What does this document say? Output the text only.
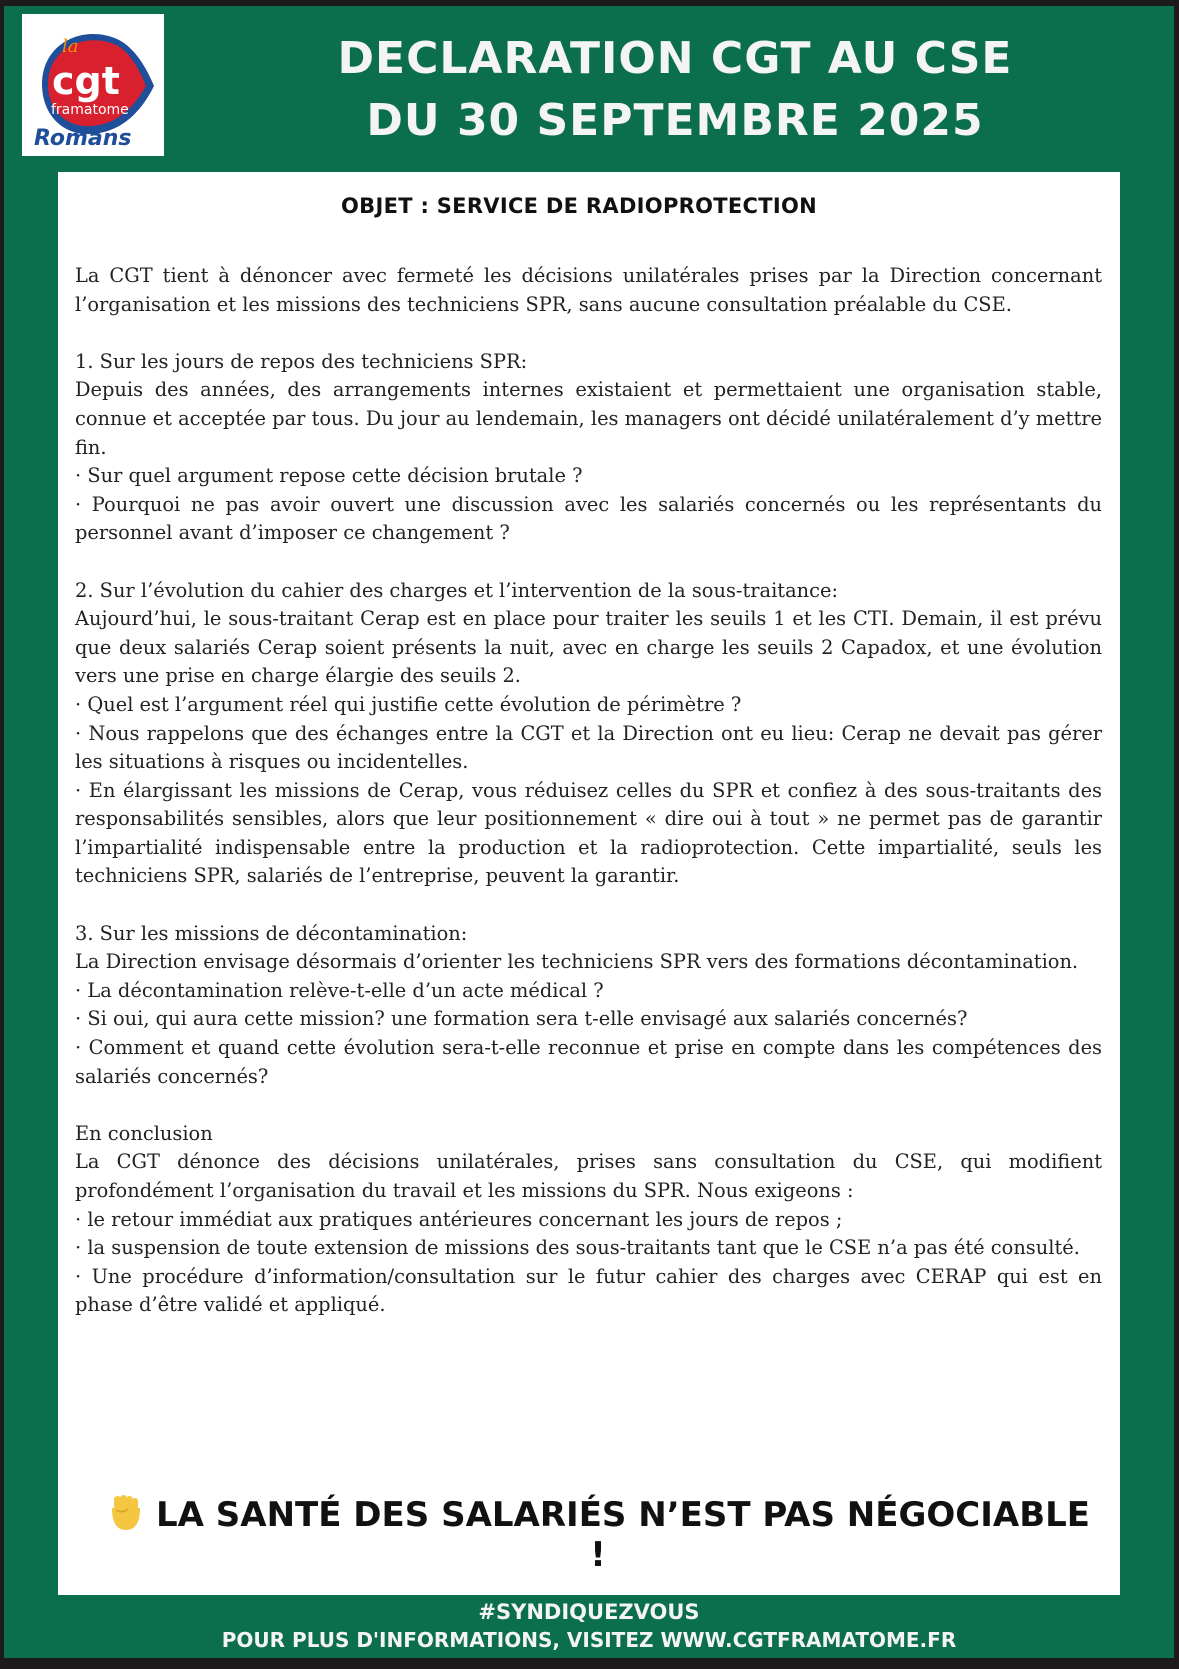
la
cgt
framatome
Romans
DECLARATION CGT AU CSE
DU 30 SEPTEMBRE 2025
OBJET : SERVICE DE RADIOPROTECTION

La CGT tient à dénoncer avec fermeté les décisions unilatérales prises par la Direction concernant l’organisation et les missions des techniciens SPR, sans aucune consultation préalable du CSE.

1. Sur les jours de repos des techniciens SPR:

Depuis des années, des arrangements internes existaient et permettaient une organisation stable, connue et acceptée par tous. Du jour au lendemain, les managers ont décidé unilatéralement d’y mettre fin.

· Sur quel argument repose cette décision brutale ?

· Pourquoi ne pas avoir ouvert une discussion avec les salariés concernés ou les représentants du personnel avant d’imposer ce changement ?

2. Sur l’évolution du cahier des charges et l’intervention de la sous-traitance:

Aujourd’hui, le sous-traitant Cerap est en place pour traiter les seuils 1 et les CTI. Demain, il est prévu que deux salariés Cerap soient présents la nuit, avec en charge les seuils 2 Capadox, et une évolution vers une prise en charge élargie des seuils 2.

· Quel est l’argument réel qui justifie cette évolution de périmètre ?

· Nous rappelons que des échanges entre la CGT et la Direction ont eu lieu: Cerap ne devait pas gérer les situations à risques ou incidentelles.

· En élargissant les missions de Cerap, vous réduisez celles du SPR et confiez à des sous-traitants des responsabilités sensibles, alors que leur positionnement « dire oui à tout » ne permet pas de garantir l’impartialité indispensable entre la production et la radioprotection. Cette impartialité, seuls les techniciens SPR, salariés de l’entreprise, peuvent la garantir.

3. Sur les missions de décontamination:

La Direction envisage désormais d’orienter les techniciens SPR vers des formations décontamination.

· La décontamination relève-t-elle d’un acte médical ?

· Si oui, qui aura cette mission? une formation sera t-elle envisagé aux salariés concernés?

· Comment et quand cette évolution sera-t-elle reconnue et prise en compte dans les compétences des salariés concernés?

En conclusion

La CGT dénonce des décisions unilatérales, prises sans consultation du CSE, qui modifient profondément l’organisation du travail et les missions du SPR. Nous exigeons :

· le retour immédiat aux pratiques antérieures concernant les jours de repos ;

· la suspension de toute extension de missions des sous-traitants tant que le CSE n’a pas été consulté.

· Une procédure d’information/consultation sur le futur cahier des charges avec CERAP qui est en phase d’être validé et appliqué.

LA SANTÉ DES SALARIÉS N’EST PAS NÉGOCIABLE !
#SYNDIQUEZVOUS
POUR PLUS D'INFORMATIONS, VISITEZ WWW.CGTFRAMATOME.FR
